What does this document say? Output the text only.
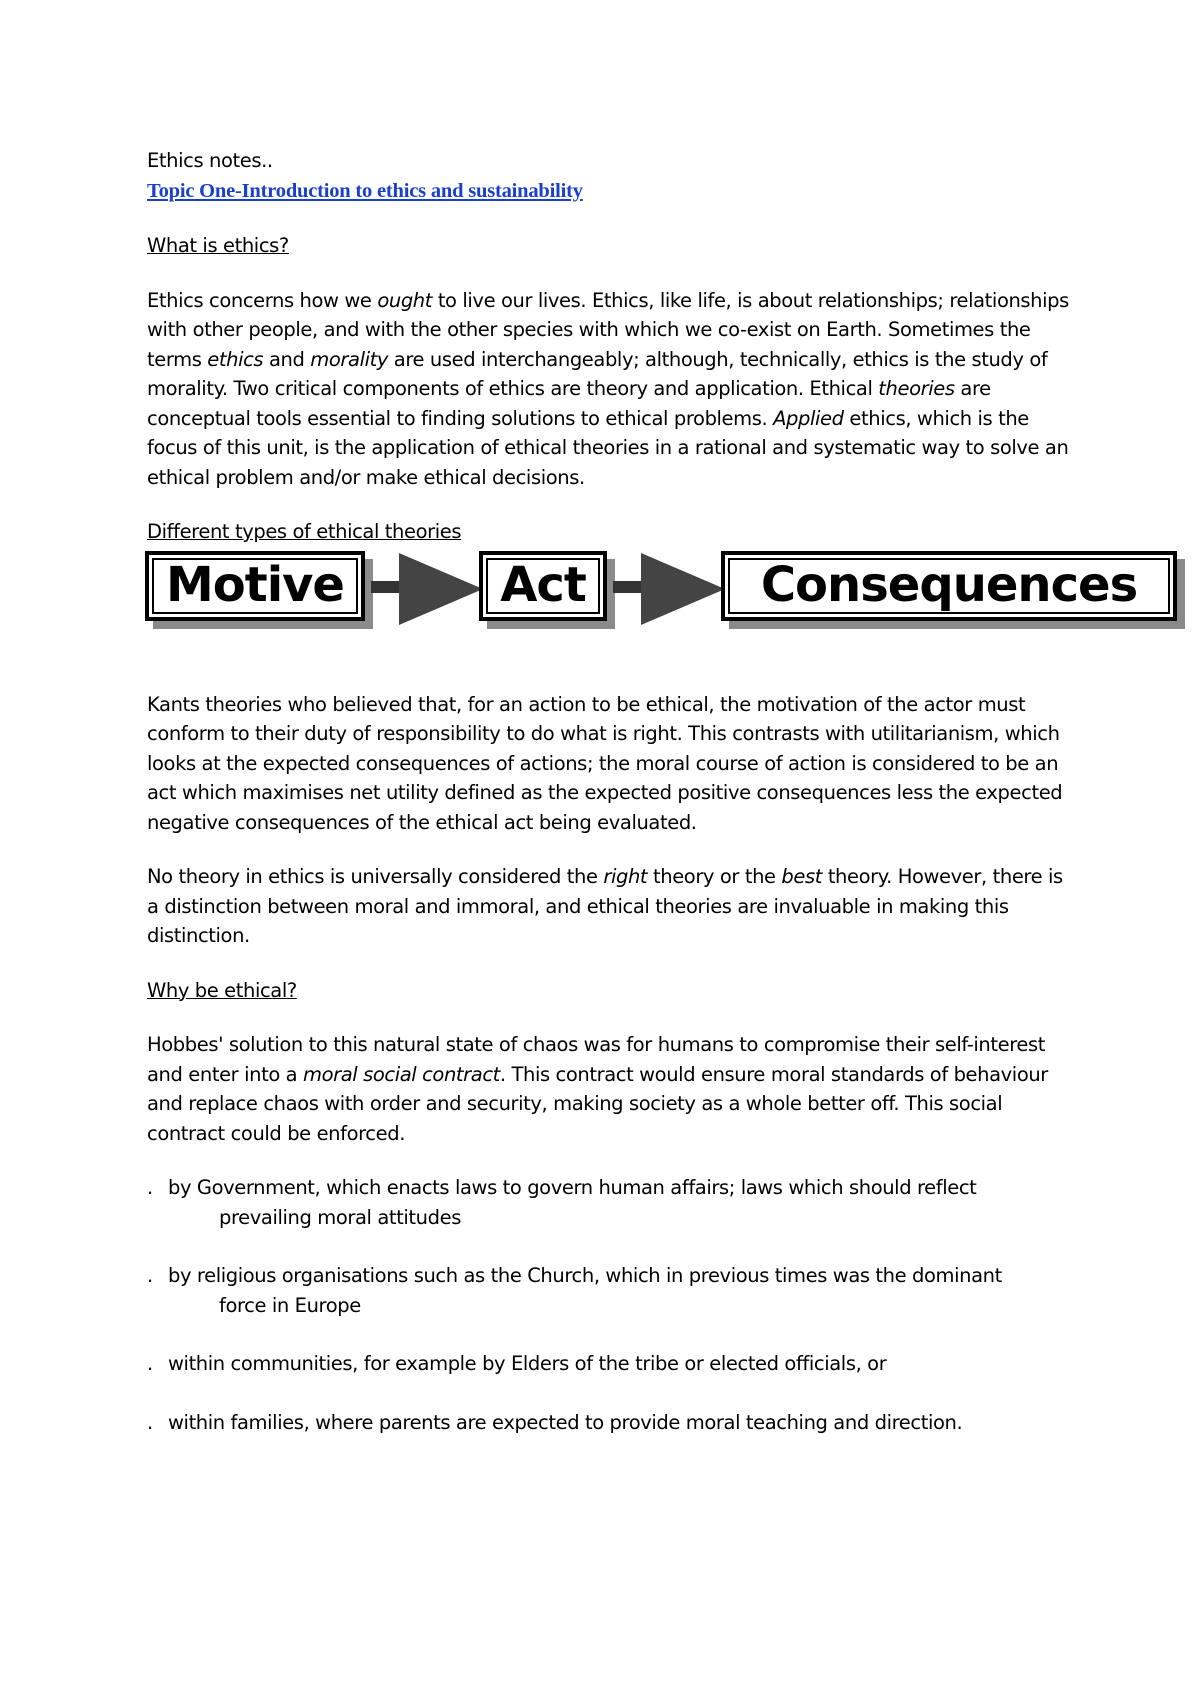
Ethics notes..

Topic One-Introduction to ethics and sustainability

What is ethics?

Ethics concerns how we ought to live our lives. Ethics, like life, is about relationships; relationships with other people, and with the other species with which we co-exist on Earth. Sometimes the terms ethics and morality are used interchangeably; although, technically, ethics is the study of morality. Two critical components of ethics are theory and application. Ethical theories are conceptual tools essential to finding solutions to ethical problems. Applied ethics, which is the focus of this unit, is the application of ethical theories in a rational and systematic way to solve an ethical problem and/or make ethical decisions.

Different types of ethical theories

Motive	Act	Consequences

Kants theories who believed that, for an action to be ethical, the motivation of the actor must conform to their duty of responsibility to do what is right. This contrasts with utilitarianism, which looks at the expected consequences of actions; the moral course of action is considered to be an act which maximises net utility defined as the expected positive consequences less the expected negative consequences of the ethical act being evaluated.

No theory in ethics is universally considered the right theory or the best theory. However, there is a distinction between moral and immoral, and ethical theories are invaluable in making this distinction.

Why be ethical?

Hobbes' solution to this natural state of chaos was for humans to compromise their self-interest and enter into a moral social contract. This contract would ensure moral standards of behaviour and replace chaos with order and security, making society as a whole better off. This social contract could be enforced.

. by Government, which enacts laws to govern human affairs; laws which should reflect
prevailing moral attitudes
. by religious organisations such as the Church, which in previous times was the dominant
force in Europe
. within communities, for example by Elders of the tribe or elected officials, or
. within families, where parents are expected to provide moral teaching and direction.
